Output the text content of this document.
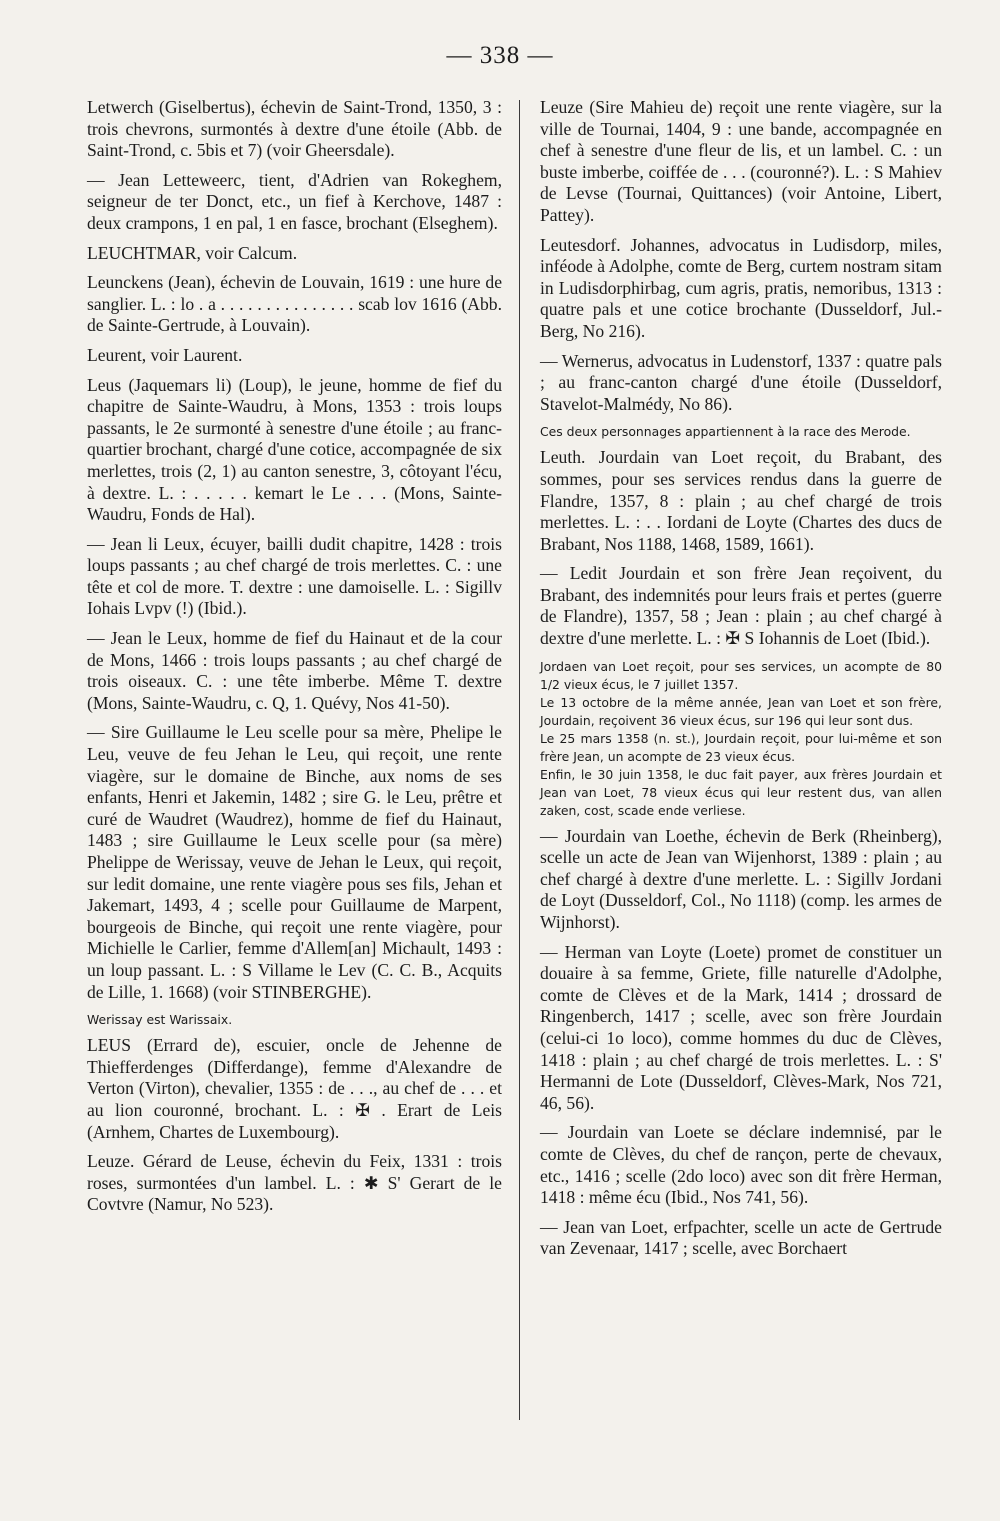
— 338 —

Letwerch (Giselbertus), échevin de Saint-Trond, 1350, 3 : trois chevrons, surmontés à dextre d'une étoile (Abb. de Saint-Trond, c. 5bis et 7) (voir Gheersdale).

— Jean Letteweerc, tient, d'Adrien van Rokeghem, seigneur de ter Donct, etc., un fief à Kerchove, 1487 : deux crampons, 1 en pal, 1 en fasce, brochant (Elseghem).

LEUCHTMAR, voir Calcum.

Leunckens (Jean), échevin de Louvain, 1619 : une hure de sanglier. L. : lo . a . . . . . . . . . . . . . . . scab lov 1616 (Abb. de Sainte-Gertrude, à Louvain).

Leurent, voir Laurent.

Leus (Jaquemars li) (Loup), le jeune, homme de fief du chapitre de Sainte-Waudru, à Mons, 1353 : trois loups passants, le 2e surmonté à senestre d'une étoile ; au franc-quartier brochant, chargé d'une cotice, accompagnée de six merlettes, trois (2, 1) au canton senestre, 3, côtoyant l'écu, à dextre. L. : . . . . . kemart le Le . . . (Mons, Sainte-Waudru, Fonds de Hal).

— Jean li Leux, écuyer, bailli dudit chapitre, 1428 : trois loups passants ; au chef chargé de trois merlettes. C. : une tête et col de more. T. dextre : une damoiselle. L. : Sigillv Iohais Lvpv (!) (Ibid.).

— Jean le Leux, homme de fief du Hainaut et de la cour de Mons, 1466 : trois loups passants ; au chef chargé de trois oiseaux. C. : une tête imberbe. Même T. dextre (Mons, Sainte-Waudru, c. Q, 1. Quévy, Nos 41-50).

— Sire Guillaume le Leu scelle pour sa mère, Phelipe le Leu, veuve de feu Jehan le Leu, qui reçoit, une rente viagère, sur le domaine de Binche, aux noms de ses enfants, Henri et Jakemin, 1482 ; sire G. le Leu, prêtre et curé de Waudret (Waudrez), homme de fief du Hainaut, 1483 ; sire Guillaume le Leux scelle pour (sa mère) Phelippe de Werissay, veuve de Jehan le Leux, qui reçoit, sur ledit domaine, une rente viagère pous ses fils, Jehan et Jakemart, 1493, 4 ; scelle pour Guillaume de Marpent, bourgeois de Binche, qui reçoit une rente viagère, pour Michielle le Carlier, femme d'Allem[an] Michault, 1493 : un loup passant. L. : S Villame le Lev (C. C. B., Acquits de Lille, 1. 1668) (voir STINBERGHE).

Werissay est Warissaix.

LEUS (Errard de), escuier, oncle de Jehenne de Thiefferdenges (Differdange), femme d'Alexandre de Verton (Virton), chevalier, 1355 : de . . ., au chef de . . . et au lion couronné, brochant. L. : ✠ . Erart de Leis (Arnhem, Chartes de Luxembourg).

Leuze. Gérard de Leuse, échevin du Feix, 1331 : trois roses, surmontées d'un lambel. L. : ✱ S' Gerart de le Covtvre (Namur, No 523).

Leuze (Sire Mahieu de) reçoit une rente viagère, sur la ville de Tournai, 1404, 9 : une bande, accompagnée en chef à senestre d'une fleur de lis, et un lambel. C. : un buste imberbe, coiffée de . . . (couronné?). L. : S Mahiev de Levse (Tournai, Quittances) (voir Antoine, Libert, Pattey).

Leutesdorf. Johannes, advocatus in Ludisdorp, miles, inféode à Adolphe, comte de Berg, curtem nostram sitam in Ludisdorphirbag, cum agris, pratis, nemoribus, 1313 : quatre pals et une cotice brochante (Dusseldorf, Jul.-Berg, No 216).

— Wernerus, advocatus in Ludenstorf, 1337 : quatre pals ; au franc-canton chargé d'une étoile (Dusseldorf, Stavelot-Malmédy, No 86).

Ces deux personnages appartiennent à la race des Merode.

Leuth. Jourdain van Loet reçoit, du Brabant, des sommes, pour ses services rendus dans la guerre de Flandre, 1357, 8 : plain ; au chef chargé de trois merlettes. L. : . . Iordani de Loyte (Chartes des ducs de Brabant, Nos 1188, 1468, 1589, 1661).

— Ledit Jourdain et son frère Jean reçoivent, du Brabant, des indemnités pour leurs frais et pertes (guerre de Flandre), 1357, 58 ; Jean : plain ; au chef chargé à dextre d'une merlette. L. : ✠ S Iohannis de Loet (Ibid.).

Jordaen van Loet reçoit, pour ses services, un acompte de 80 1/2 vieux écus, le 7 juillet 1357.

Le 13 octobre de la même année, Jean van Loet et son frère, Jourdain, reçoivent 36 vieux écus, sur 196 qui leur sont dus.

Le 25 mars 1358 (n. st.), Jourdain reçoit, pour lui-même et son frère Jean, un acompte de 23 vieux écus.

Enfin, le 30 juin 1358, le duc fait payer, aux frères Jourdain et Jean van Loet, 78 vieux écus qui leur restent dus, van allen zaken, cost, scade ende verliese.

— Jourdain van Loethe, échevin de Berk (Rheinberg), scelle un acte de Jean van Wijenhorst, 1389 : plain ; au chef chargé à dextre d'une merlette. L. : Sigillv Jordani de Loyt (Dusseldorf, Col., No 1118) (comp. les armes de Wijnhorst).

— Herman van Loyte (Loete) promet de constituer un douaire à sa femme, Griete, fille naturelle d'Adolphe, comte de Clèves et de la Mark, 1414 ; drossard de Ringenberch, 1417 ; scelle, avec son frère Jourdain (celui-ci 1o loco), comme hommes du duc de Clèves, 1418 : plain ; au chef chargé de trois merlettes. L. : S' Hermanni de Lote (Dusseldorf, Clèves-Mark, Nos 721, 46, 56).

— Jourdain van Loete se déclare indemnisé, par le comte de Clèves, du chef de rançon, perte de chevaux, etc., 1416 ; scelle (2do loco) avec son dit frère Herman, 1418 : même écu (Ibid., Nos 741, 56).

— Jean van Loet, erfpachter, scelle un acte de Gertrude van Zevenaar, 1417 ; scelle, avec Borchaert
